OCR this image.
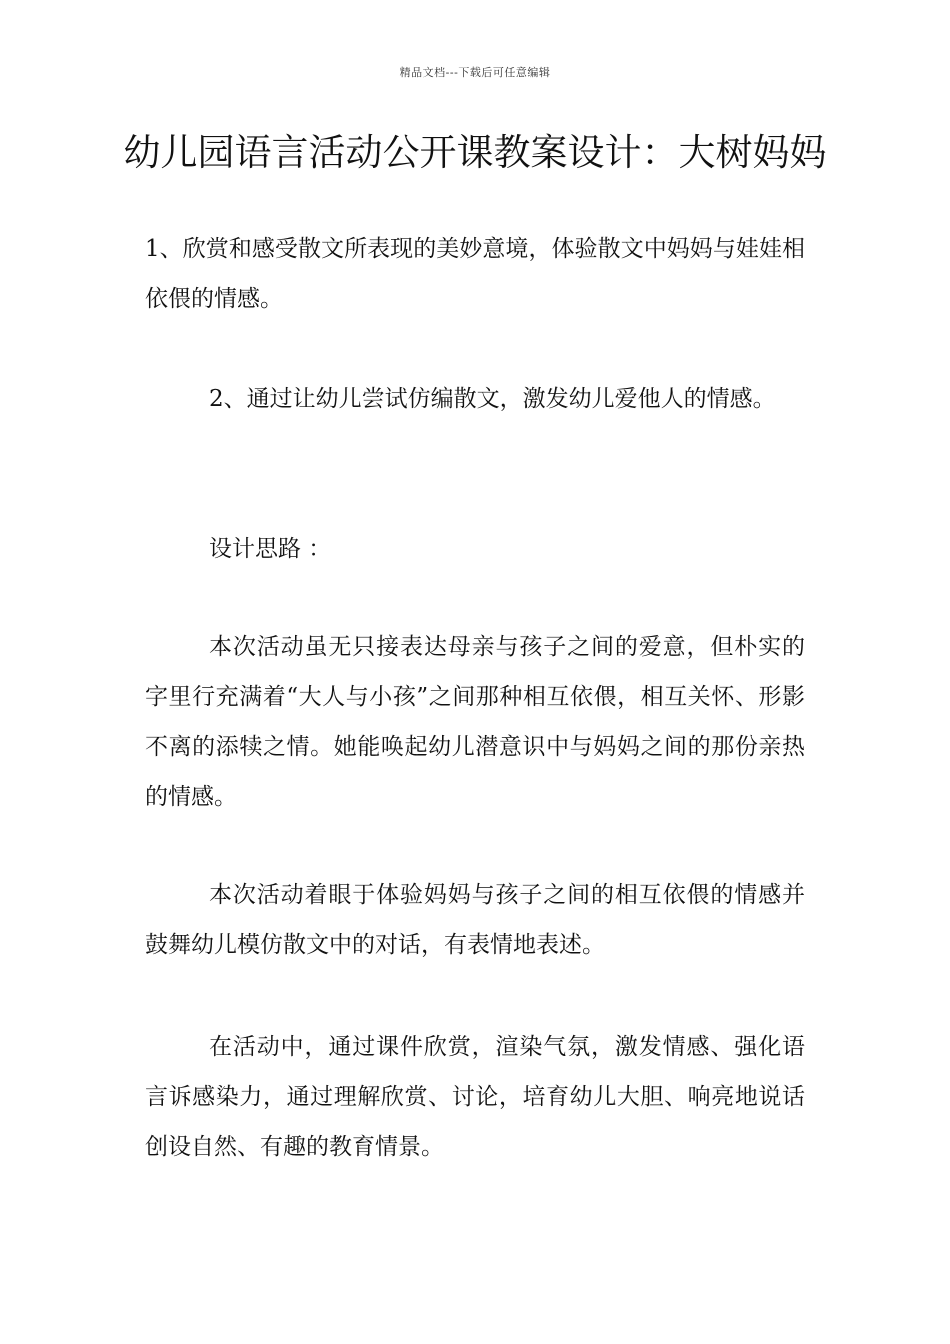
精品文档---下载后可任意编辑
幼儿园语言活动公开课教案设计：大树妈妈

1、欣赏和感受散文所表现的美妙意境，体验散文中妈妈与娃娃相依偎的情感。

2、通过让幼儿尝试仿编散文，激发幼儿爱他人的情感。

设计思路 ：

本次活动虽无只接表达母亲与孩子之间的爱意，但朴实的字里行充满着“大人与小孩”之间那种相互依偎，相互关怀、形影不离的添犊之情。她能唤起幼儿潜意识中与妈妈之间的那份亲热的情感。

本次活动着眼于体验妈妈与孩子之间的相互依偎的情感并鼓舞幼儿模仿散文中的对话，有表情地表述。

在活动中，通过课件欣赏，渲染气氛，激发情感、强化语言诉感染力，通过理解欣赏、讨论，培育幼儿大胆、响亮地说话创设自然、有趣的教育情景。
